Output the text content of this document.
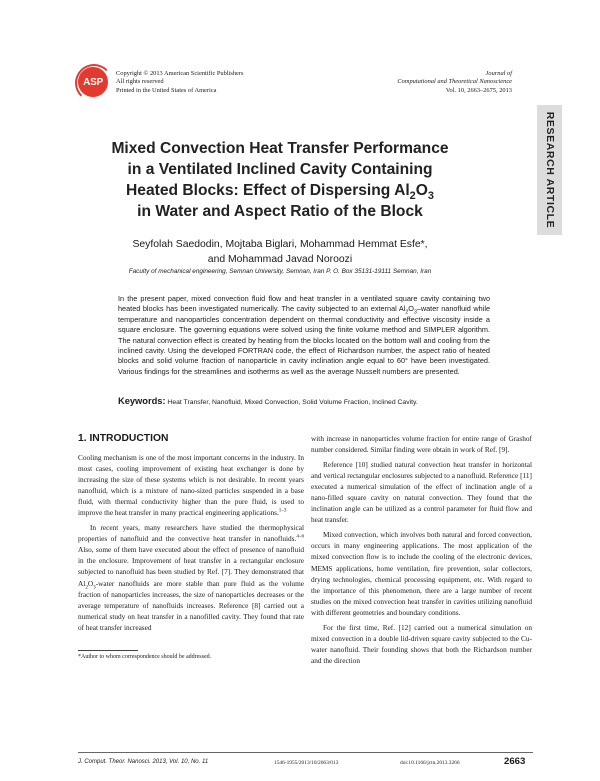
ASP
Copyright © 2013 American Scientific Publishers
All rights reserved
Printed in the United States of America
Journal of
Computational and Theoretical Nanoscience
Vol. 10, 2663–2675, 2013
RESEARCH ARTICLE
Mixed Convection Heat Transfer Performance
in a Ventilated Inclined Cavity Containing
Heated Blocks: Effect of Dispersing $Al_2O_3$
in Water and Aspect Ratio of the Block
Seyfolah Saedodin, Mojtaba Biglari, Mohammad Hemmat Esfe*,
and Mohammad Javad Noroozi
Faculty of mechanical engineering, Semnan University, Semnan, Iran P. O. Box 35131-19111 Semnan, Iran
In the present paper, mixed convection fluid flow and heat transfer in a ventilated square cavity containing two heated blocks has been investigated numerically. The cavity subjected to an external $Al_2O_3$–water nanofluid while temperature and nanoparticles concentration dependent on thermal conductivity and effective viscosity inside a square enclosure. The governing equations were solved using the finite volume method and SIMPLER algorithm. The natural convection effect is created by heating from the blocks located on the bottom wall and cooling from the inclined cavity. Using the developed FORTRAN code, the effect of Richardson number, the aspect ratio of heated blocks and solid volume fraction of nanoparticle in cavity inclination angle equal to 60° have been investigated. Various findings for the streamlines and isotherms as well as the average Nusselt numbers are presented.
Keywords: Heat Transfer, Nanofluid, Mixed Convection, Solid Volume Fraction, Inclined Cavity.
1. INTRODUCTION

Cooling mechanism is one of the most important concerns in the industry. In most cases, cooling improvement of existing heat exchanger is done by increasing the size of these systems which is not desirable. In recent years nanofluid, which is a mixture of nano-sized particles suspended in a base fluid, with thermal conductivity higher than the pure fluid, is used to improve the heat transfer in many practical engineering applications.$^{1-3}$

In recent years, many researchers have studied the thermophysical properties of nanofluid and the convective heat transfer in nanofluids.$^{4-6}$ Also, some of them have executed about the effect of presence of nanofluid in the enclosure. Improvement of heat transfer in a rectangular enclosure subjected to nanofluid has been studied by Ref. [7]. They demonstrated that $Al_2O_3$-water nanofluids are more stable than pure fluid as the volume fraction of nanoparticles increases, the size of nanoparticles decreases or the average temperature of nanofluids increases. Reference [8] carried out a numerical study on heat transfer in a nanofilled cavity. They found that rate of heat transfer increased

with increase in nanoparticles volume fraction for entire range of Grashof number considered. Similar finding were obtain in work of Ref. [9].

Reference [10] studied natural convection heat transfer in horizontal and vertical rectangular enclosures subjected to a nanofluid. Reference [11] executed a numerical simulation of the effect of inclination angle of a nano-filled square cavity on natural convection. They found that the inclination angle can be utilized as a control parameter for fluid flow and heat transfer.

Mixed convection, which involves both natural and forced convection, occurs in many engineering applications. The most application of the mixed convection flow is to include the cooling of the electronic devices, MEMS applications, home ventilation, fire prevention, solar collectors, drying technologies, chemical processing equipment, etc. With regard to the importance of this phenomenon, there are a large number of recent studies on the mixed convection heat transfer in cavities utilizing nanofluid with different geometries and boundary conditions.

For the first time, Ref. [12] carried out a numerical simulation on mixed convection in a double lid-driven square cavity subjected to the Cu-water nanofluid. Their founding shows that both the Richardson number and the direction

*Author to whom correspondence should be addressed.
J. Comput. Theor. Nanosci. 2013, Vol. 10, No. 11	1546-1955/2013/10/2663/013	doi:10.1166/jctn.2013.3266	2663
